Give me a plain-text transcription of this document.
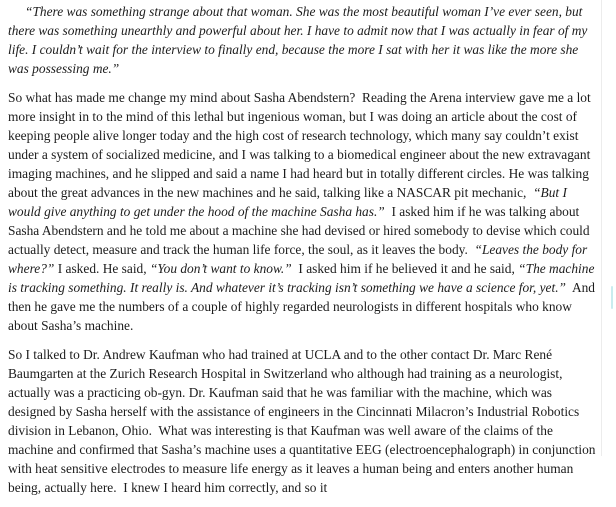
“There was something strange about that woman. She was the most beautiful woman I’ve ever seen, but there was something unearthly and powerful about her. I have to admit now that I was actually in fear of my life. I couldn’t wait for the interview to finally end, because the more I sat with her it was like the more she was possessing me.”

So what has made me change my mind about Sasha Abendstern?  Reading the Arena interview gave me a lot more insight in to the mind of this lethal but ingenious woman, but I was doing an article about the cost of keeping people alive longer today and the high cost of research technology, which many say couldn’t exist under a system of socialized medicine, and I was talking to a biomedical engineer about the new extravagant imaging machines, and he slipped and said a name I had heard but in totally different circles. He was talking about the great advances in the new machines and he said, talking like a NASCAR pit mechanic,  “But I would give anything to get under the hood of the machine Sasha has.”  I asked him if he was talking about Sasha Abendstern and he told me about a machine she had devised or hired somebody to devise which could actually detect, measure and track the human life force, the soul, as it leaves the body.  “Leaves the body for where?” I asked. He said, “You don’t want to know.”  I asked him if he believed it and he said, “The machine is tracking something. It really is. And whatever it’s tracking isn’t something we have a science for, yet.”  And then he gave me the numbers of a couple of highly regarded neurologists in different hospitals who know about Sasha’s machine.

So I talked to Dr. Andrew Kaufman who had trained at UCLA and to the other contact Dr. Marc René Baumgarten at the Zurich Research Hospital in Switzerland who although had training as a neurologist, actually was a practicing ob-gyn. Dr. Kaufman said that he was familiar with the machine, which was designed by Sasha herself with the assistance of engineers in the Cincinnati Milacron’s Industrial Robotics division in Lebanon, Ohio.  What was interesting is that Kaufman was well aware of the claims of the machine and confirmed that Sasha’s machine uses a quantitative EEG (electroencephalograph) in conjunction with heat sensitive electrodes to measure life energy as it leaves a human being and enters another human being, actually here.  I knew I heard him correctly, and so it
